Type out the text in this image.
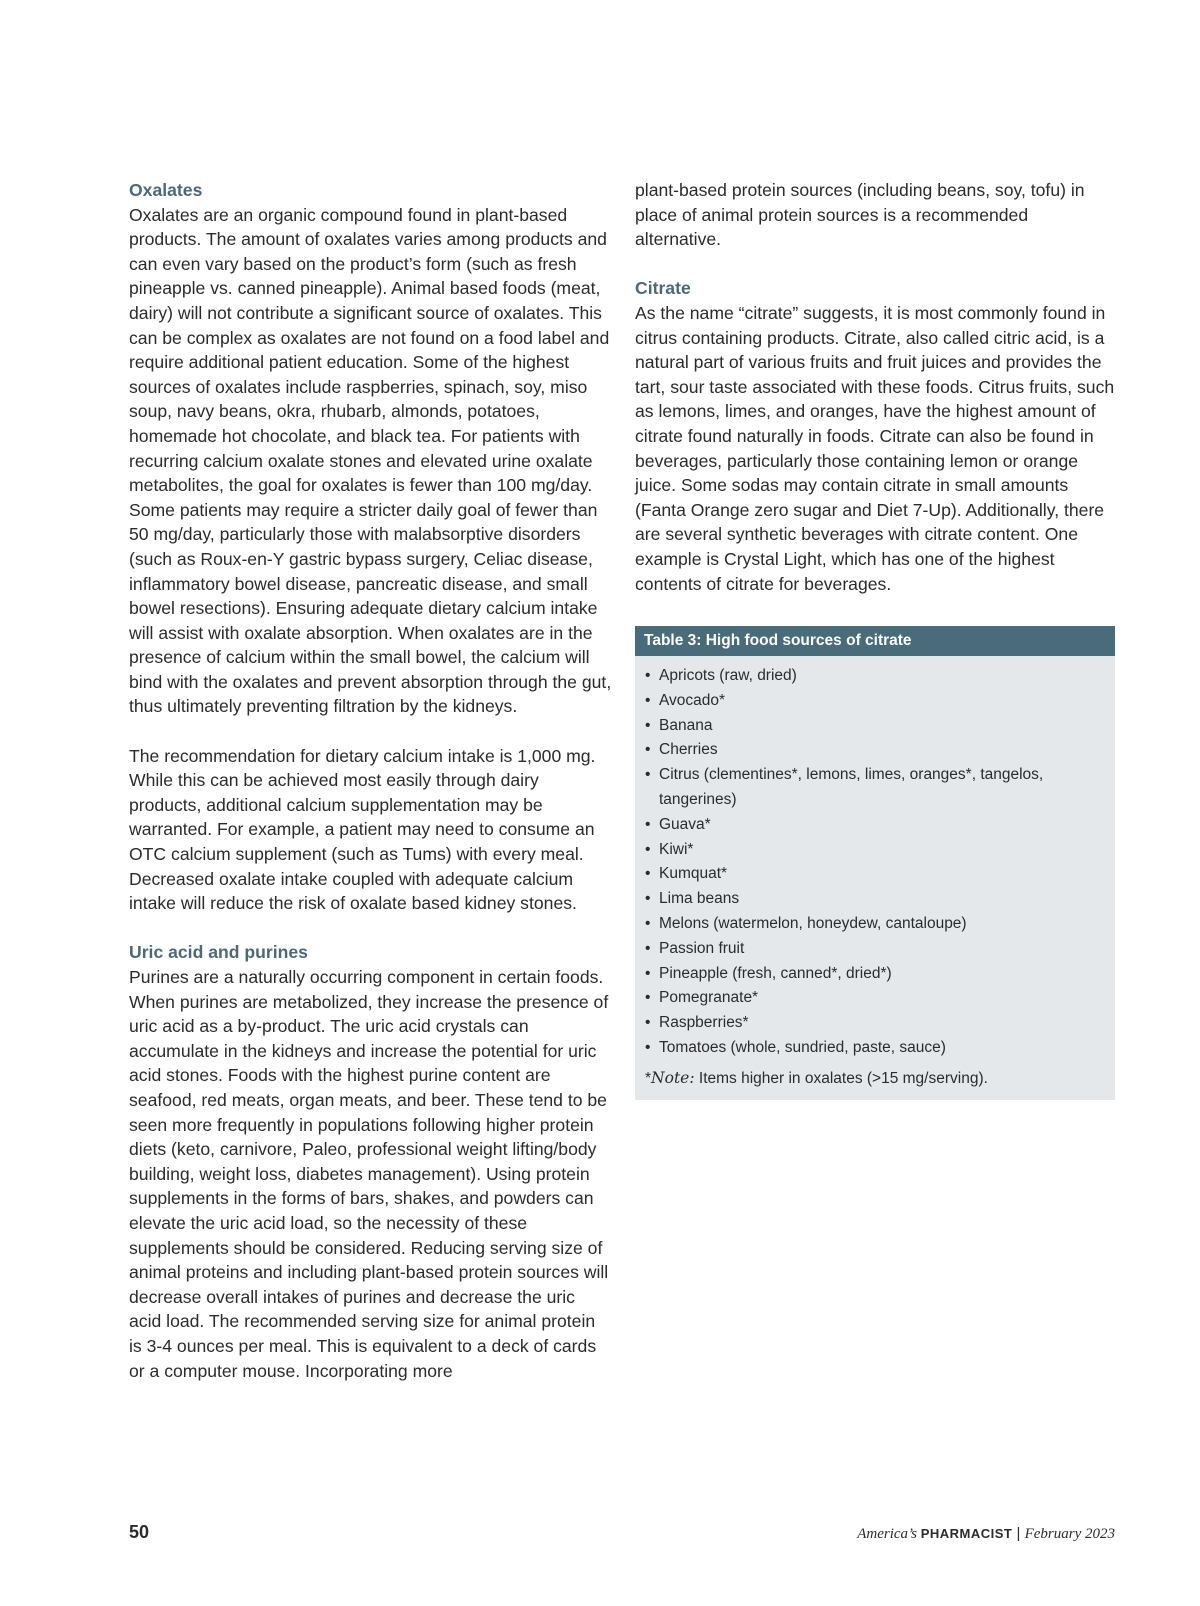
Oxalates

Oxalates are an organic compound found in plant-based products. The amount of oxalates varies among products and can even vary based on the product’s form (such as fresh pineapple vs. canned pineapple). Animal based foods (meat, dairy) will not contribute a significant source of oxalates. This can be complex as oxalates are not found on a food label and require additional patient education. Some of the highest sources of oxalates include raspberries, spinach, soy, miso soup, navy beans, okra, rhubarb, almonds, potatoes, homemade hot chocolate, and black tea. For patients with recurring calcium oxalate stones and elevated urine oxalate metabolites, the goal for oxalates is fewer than 100 mg/day. Some patients may require a stricter daily goal of fewer than 50 mg/day, particularly those with malabsorptive disorders (such as Roux-en-Y gastric bypass surgery, Celiac disease, inflammatory bowel disease, pancreatic disease, and small bowel resections). Ensuring adequate dietary calcium intake will assist with oxalate absorption. When oxalates are in the presence of calcium within the small bowel, the calcium will bind with the oxalates and prevent absorption through the gut, thus ultimately preventing filtration by the kidneys.

The recommendation for dietary calcium intake is 1,000 mg. While this can be achieved most easily through dairy products, additional calcium supplementation may be warranted. For example, a patient may need to consume an OTC calcium supplement (such as Tums) with every meal. Decreased oxalate intake coupled with adequate calcium intake will reduce the risk of oxalate based kidney stones.

Uric acid and purines

Purines are a naturally occurring component in certain foods. When purines are metabolized, they increase the presence of uric acid as a by-product. The uric acid crystals can accumulate in the kidneys and increase the potential for uric acid stones. Foods with the highest purine content are seafood, red meats, organ meats, and beer. These tend to be seen more frequently in populations following higher protein diets (keto, carnivore, Paleo, professional weight lifting/body building, weight loss, diabetes management). Using protein supplements in the forms of bars, shakes, and powders can elevate the uric acid load, so the necessity of these supplements should be considered. Reducing serving size of animal proteins and including plant-based protein sources will decrease overall intakes of purines and decrease the uric acid load. The recommended serving size for animal protein is 3-4 ounces per meal. This is equivalent to a deck of cards or a computer mouse. Incorporating more

plant-based protein sources (including beans, soy, tofu) in place of animal protein sources is a recommended alternative.

Citrate

As the name “citrate” suggests, it is most commonly found in citrus containing products. Citrate, also called citric acid, is a natural part of various fruits and fruit juices and provides the tart, sour taste associated with these foods. Citrus fruits, such as lemons, limes, and oranges, have the highest amount of citrate found naturally in foods. Citrate can also be found in beverages, particularly those containing lemon or orange juice. Some sodas may contain citrate in small amounts (Fanta Orange zero sugar and Diet 7-Up). Additionally, there are several synthetic beverages with citrate content. One example is Crystal Light, which has one of the highest contents of citrate for beverages.

Table 3: High food sources of citrate
• Apricots (raw, dried)
• Avocado*
• Banana
• Cherries
• Citrus (clementines*, lemons, limes, oranges*, tangelos, tangerines)
• Guava*
• Kiwi*
• Kumquat*
• Lima beans
• Melons (watermelon, honeydew, cantaloupe)
• Passion fruit
• Pineapple (fresh, canned*, dried*)
• Pomegranate*
• Raspberries*
• Tomatoes (whole, sundried, paste, sauce)
*Note: Items higher in oxalates (>15 mg/serving).
50	America’s PHARMACIST | February 2023
